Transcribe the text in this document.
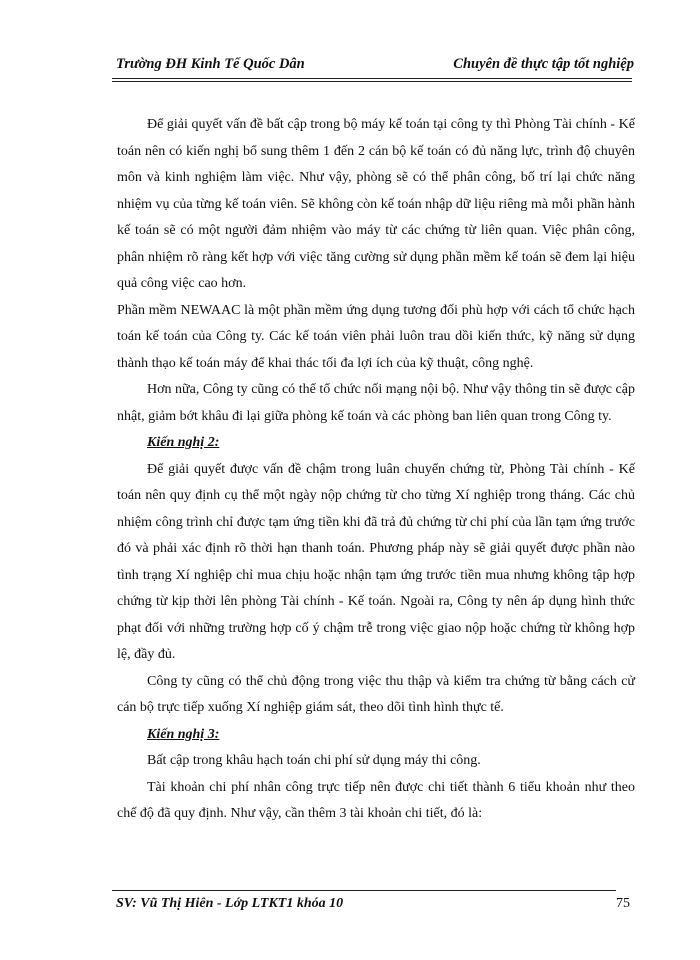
Trường ĐH Kinh Tế Quốc Dân	Chuyên đề thực tập tốt nghiệp

Để giải quyết vấn đề bất cập trong bộ máy kế toán tại công ty thì Phòng Tài chính - Kế toán nên có kiến nghị bổ sung thêm 1 đến 2 cán bộ kế toán có đủ năng lực, trình độ chuyên môn và kinh nghiệm làm việc. Như vậy, phòng sẽ có thể phân công, bố trí lại chức năng nhiệm vụ của từng kế toán viên. Sẽ không còn kế toán nhập dữ liệu riêng mà mỗi phần hành kế toán sẽ có một người đảm nhiệm vào máy từ các chứng từ liên quan. Việc phân công, phân nhiệm rõ ràng kết hợp với việc tăng cường sử dụng phần mềm kế toán sẽ đem lại hiệu quả công việc cao hơn.

Phần mềm NEWAAC là một phần mềm ứng dụng tương đối phù hợp với cách tổ chức hạch toán kế toán của Công ty. Các kế toán viên phải luôn trau dồi kiến thức, kỹ năng sử dụng thành thạo kế toán máy để khai thác tối đa lợi ích của kỹ thuật, công nghệ.

Hơn nữa, Công ty cũng có thể tổ chức nối mạng nội bộ. Như vậy thông tin sẽ được cập nhật, giảm bớt khâu đi lại giữa phòng kế toán và các phòng ban liên quan trong Công ty.

Kiến nghị 2:

Để giải quyết được vấn đề chậm trong luân chuyển chứng từ, Phòng Tài chính - Kế toán nên quy định cụ thể một ngày nộp chứng từ cho từng Xí nghiệp trong tháng. Các chủ nhiệm công trình chỉ được tạm ứng tiền khi đã trả đủ chứng từ chi phí của lần tạm ứng trước đó và phải xác định rõ thời hạn thanh toán. Phương pháp này sẽ giải quyết được phần nào tình trạng Xí nghiệp chỉ mua chịu hoặc nhận tạm ứng trước tiền mua nhưng không tập hợp chứng từ kịp thời lên phòng Tài chính - Kế toán. Ngoài ra, Công ty nên áp dụng hình thức phạt đối với những trường hợp cố ý chậm trễ trong việc giao nộp hoặc chứng từ không hợp lệ, đầy đủ.

Công ty cũng có thể chủ động trong việc thu thập và kiểm tra chứng từ bằng cách cử cán bộ trực tiếp xuống Xí nghiệp giám sát, theo dõi tình hình thực tế.

Kiến nghị 3:

Bất cập trong khâu hạch toán chi phí sử dụng máy thi công.

Tài khoản chi phí nhân công trực tiếp nên được chi tiết thành 6 tiểu khoản như theo chế độ đã quy định. Như vậy, cần thêm 3 tài khoản chi tiết, đó là:

SV: Vũ Thị Hiên - Lớp LTKT1 khóa 10	75
